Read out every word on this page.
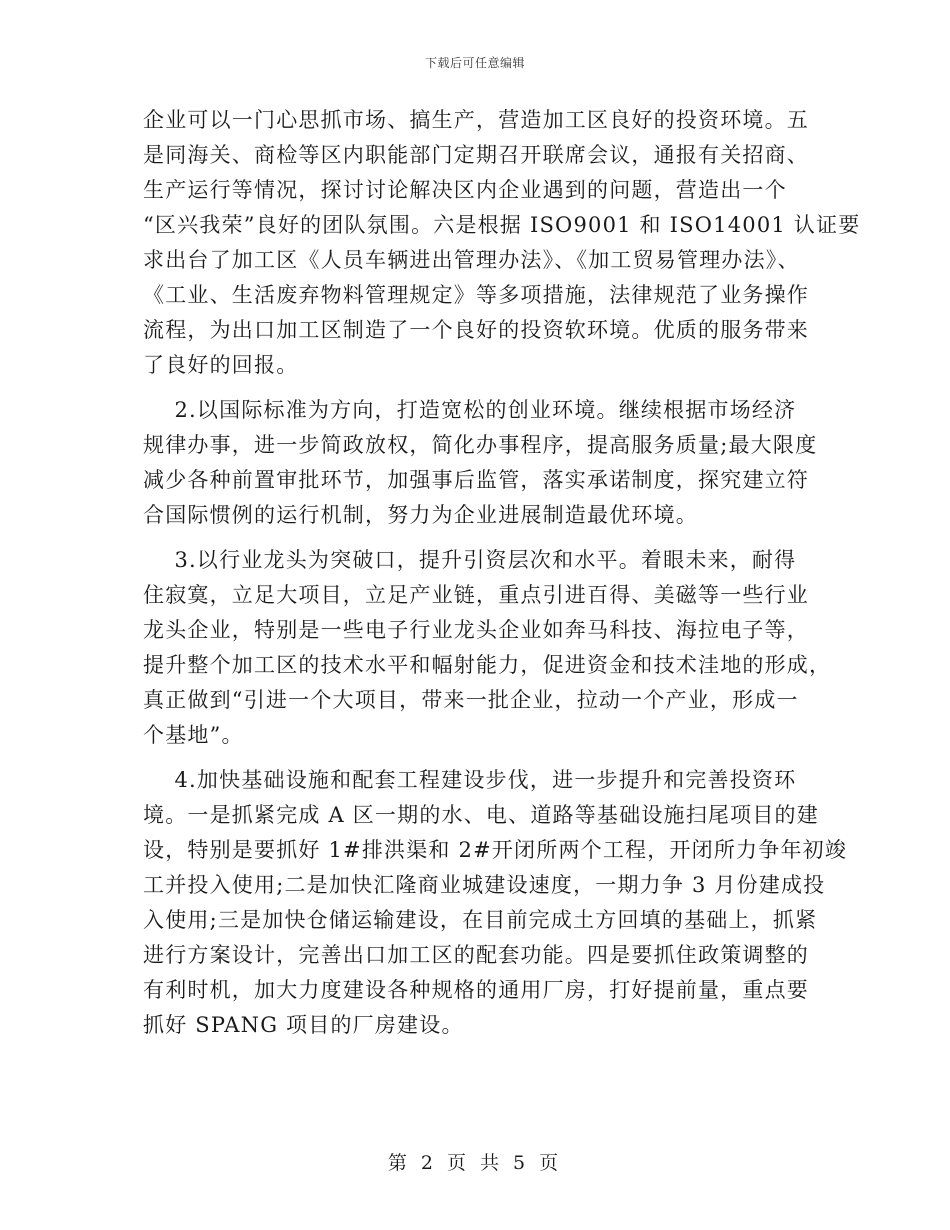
下载后可任意编辑
企业可以一门心思抓市场、搞生产，营造加工区良好的投资环境。五
是同海关、商检等区内职能部门定期召开联席会议，通报有关招商、
生产运行等情况，探讨讨论解决区内企业遇到的问题，营造出一个
“区兴我荣”良好的团队氛围。六是根据 ISO9001 和 ISO14001 认证要
求出台了加工区《人员车辆进出管理办法》、《加工贸易管理办法》、
《工业、生活废弃物料管理规定》等多项措施，法律规范了业务操作
流程，为出口加工区制造了一个良好的投资软环境。优质的服务带来
了良好的回报。
2.以国际标准为方向，打造宽松的创业环境。继续根据市场经济
规律办事，进一步简政放权，简化办事程序，提高服务质量;最大限度
减少各种前置审批环节，加强事后监管，落实承诺制度，探究建立符
合国际惯例的运行机制，努力为企业进展制造最优环境。
3.以行业龙头为突破口，提升引资层次和水平。着眼未来，耐得
住寂寞，立足大项目，立足产业链，重点引进百得、美磁等一些行业
龙头企业，特别是一些电子行业龙头企业如奔马科技、海拉电子等，
提升整个加工区的技术水平和幅射能力，促进资金和技术洼地的形成，
真正做到“引进一个大项目，带来一批企业，拉动一个产业，形成一
个基地”。
4.加快基础设施和配套工程建设步伐，进一步提升和完善投资环
境。一是抓紧完成 A 区一期的水、电、道路等基础设施扫尾项目的建
设，特别是要抓好 1#排洪渠和 2#开闭所两个工程，开闭所力争年初竣
工并投入使用;二是加快汇隆商业城建设速度，一期力争 3 月份建成投
入使用;三是加快仓储运输建设，在目前完成土方回填的基础上，抓紧
进行方案设计，完善出口加工区的配套功能。四是要抓住政策调整的
有利时机，加大力度建设各种规格的通用厂房，打好提前量，重点要
抓好 SPANG 项目的厂房建设。
第 2 页 共 5 页
